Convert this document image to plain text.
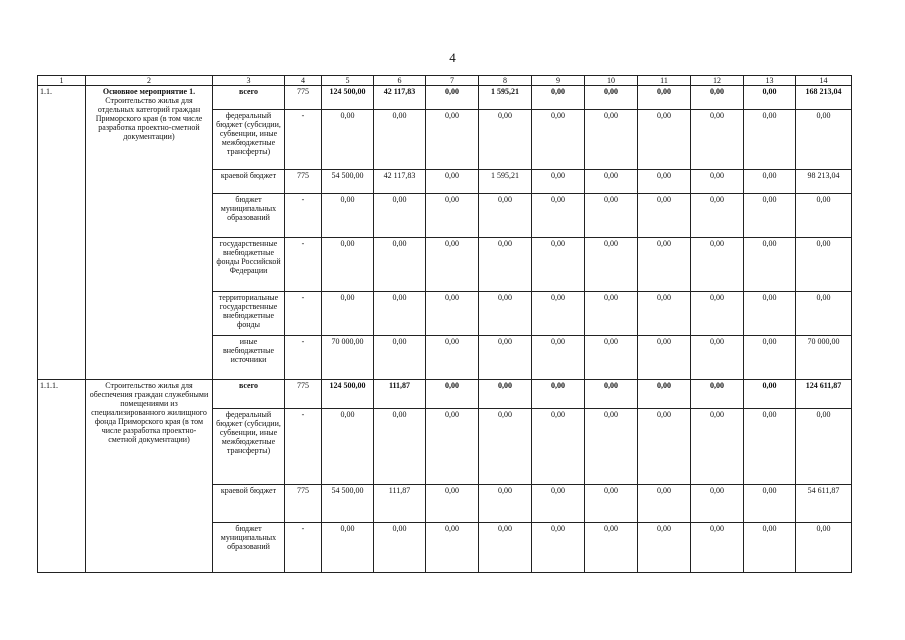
4
1	2	3	4	5	6	7	8	9	10	11	12	13	14
1.1.	Основное мероприятие 1. Строительство жилья для отдельных категорий граждан Приморского края (в том числе разработка проектно-сметной документации)	всего	775	124 500,00	42 117,83	0,00	1 595,21	0,00	0,00	0,00	0,00	0,00	168 213,04
		федеральный бюджет (субсидии, субвенции, иные межбюджетные трансферты)	-	0,00	0,00	0,00	0,00	0,00	0,00	0,00	0,00	0,00	0,00
		краевой бюджет	775	54 500,00	42 117,83	0,00	1 595,21	0,00	0,00	0,00	0,00	0,00	98 213,04
		бюджет муниципальных образований	-	0,00	0,00	0,00	0,00	0,00	0,00	0,00	0,00	0,00	0,00
		государственные внебюджетные фонды Российской Федерации	-	0,00	0,00	0,00	0,00	0,00	0,00	0,00	0,00	0,00	0,00
		территориальные государственные внебюджетные фонды	-	0,00	0,00	0,00	0,00	0,00	0,00	0,00	0,00	0,00	0,00
		иные внебюджетные источники	-	70 000,00	0,00	0,00	0,00	0,00	0,00	0,00	0,00	0,00	70 000,00
1.1.1.	Строительство жилья для обеспечения граждан служебными помещениями из специализированного жилищного фонда Приморского края (в том числе разработка проектно-сметной документации)	всего	775	124 500,00	111,87	0,00	0,00	0,00	0,00	0,00	0,00	0,00	124 611,87
		федеральный бюджет (субсидии, субвенции, иные межбюджетные трансферты)	-	0,00	0,00	0,00	0,00	0,00	0,00	0,00	0,00	0,00	0,00
		краевой бюджет	775	54 500,00	111,87	0,00	0,00	0,00	0,00	0,00	0,00	0,00	54 611,87
		бюджет муниципальных образований	-	0,00	0,00	0,00	0,00	0,00	0,00	0,00	0,00	0,00	0,00
